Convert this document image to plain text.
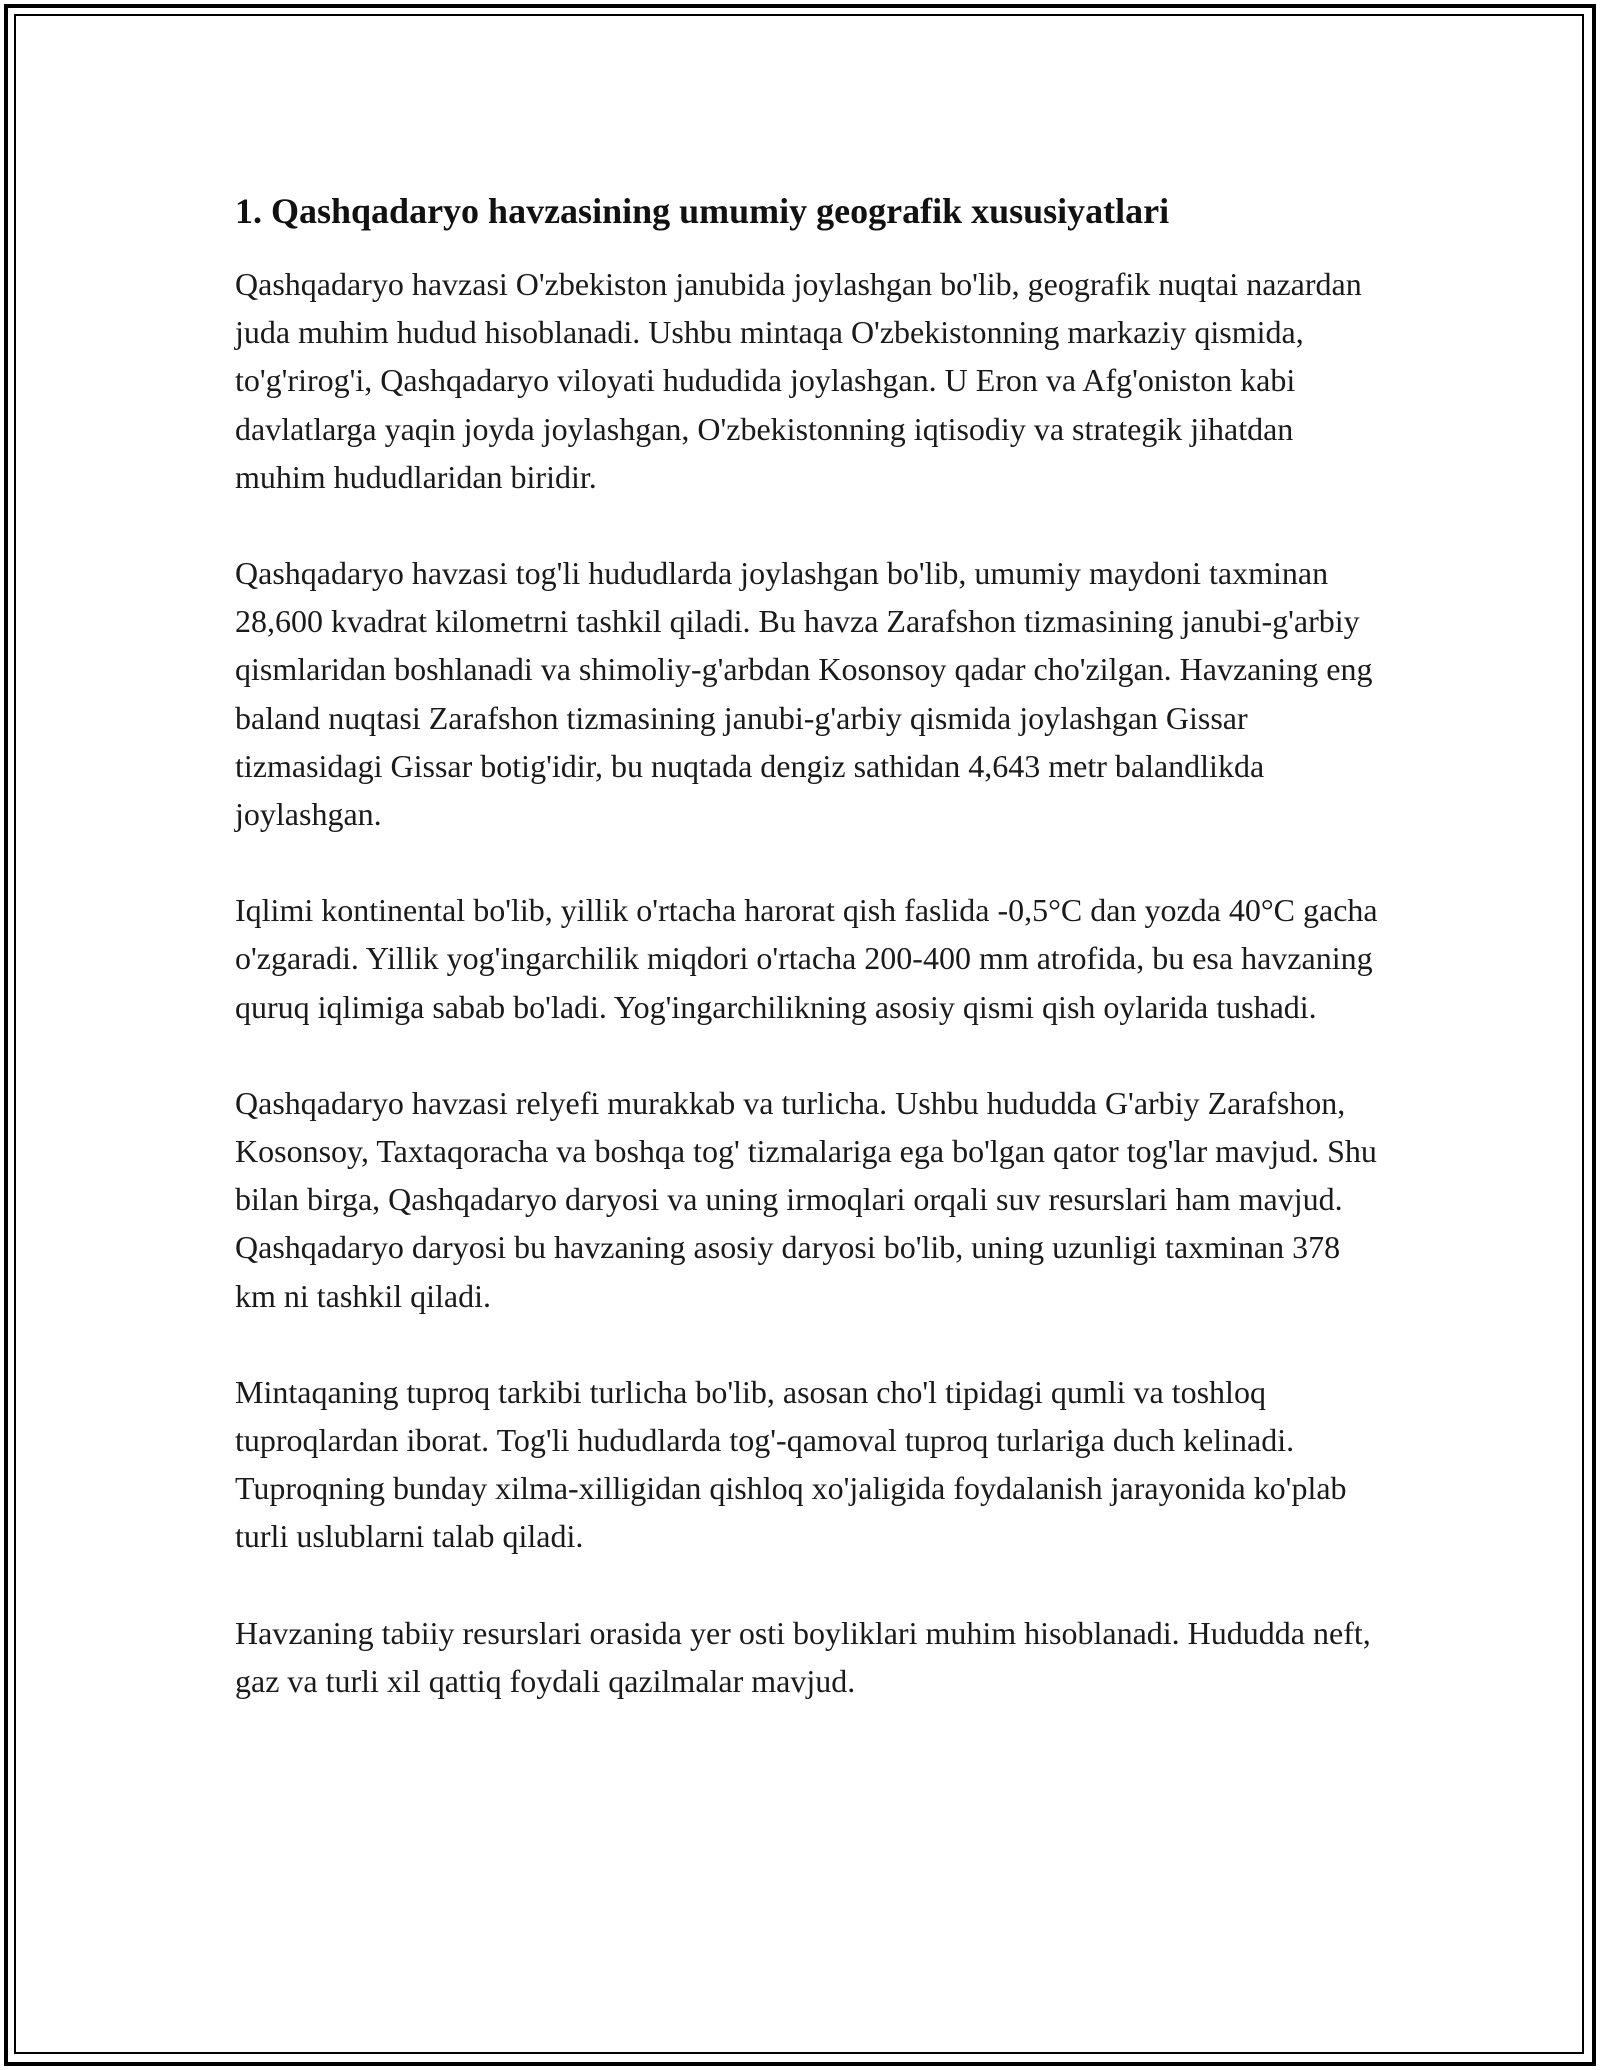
1. Qashqadaryo havzasining umumiy geografik xususiyatlari

Qashqadaryo havzasi O'zbekiston janubida joylashgan bo'lib, geografik nuqtai nazardan juda muhim hudud hisoblanadi. Ushbu mintaqa O'zbekistonning markaziy qismida, to'g'rirog'i, Qashqadaryo viloyati hududida joylashgan. U Eron va Afg'oniston kabi davlatlarga yaqin joyda joylashgan, O'zbekistonning iqtisodiy va strategik jihatdan muhim hududlaridan biridir.

Qashqadaryo havzasi tog'li hududlarda joylashgan bo'lib, umumiy maydoni taxminan 28,600 kvadrat kilometrni tashkil qiladi. Bu havza Zarafshon tizmasining janubi-g'arbiy qismlaridan boshlanadi va shimoliy-g'arbdan Kosonsoy qadar cho'zilgan. Havzaning eng baland nuqtasi Zarafshon tizmasining janubi-g'arbiy qismida joylashgan Gissar tizmasidagi Gissar botig'idir, bu nuqtada dengiz sathidan 4,643 metr balandlikda joylashgan.

Iqlimi kontinental bo'lib, yillik o'rtacha harorat qish faslida -0,5°C dan yozda 40°C gacha o'zgaradi. Yillik yog'ingarchilik miqdori o'rtacha 200-400 mm atrofida, bu esa havzaning quruq iqlimiga sabab bo'ladi. Yog'ingarchilikning asosiy qismi qish oylarida tushadi.

Qashqadaryo havzasi relyefi murakkab va turlicha. Ushbu hududda G'arbiy Zarafshon, Kosonsoy, Taxtaqoracha va boshqa tog' tizmalariga ega bo'lgan qator tog'lar mavjud. Shu bilan birga, Qashqadaryo daryosi va uning irmoqlari orqali suv resurslari ham mavjud. Qashqadaryo daryosi bu havzaning asosiy daryosi bo'lib, uning uzunligi taxminan 378 km ni tashkil qiladi.

Mintaqaning tuproq tarkibi turlicha bo'lib, asosan cho'l tipidagi qumli va toshloq tuproqlardan iborat. Tog'li hududlarda tog'-qamoval tuproq turlariga duch kelinadi. Tuproqning bunday xilma-xilligidan qishloq xo'jaligida foydalanish jarayonida ko'plab turli uslublarni talab qiladi.

Havzaning tabiiy resurslari orasida yer osti boyliklari muhim hisoblanadi. Hududda neft, gaz va turli xil qattiq foydali qazilmalar mavjud.
